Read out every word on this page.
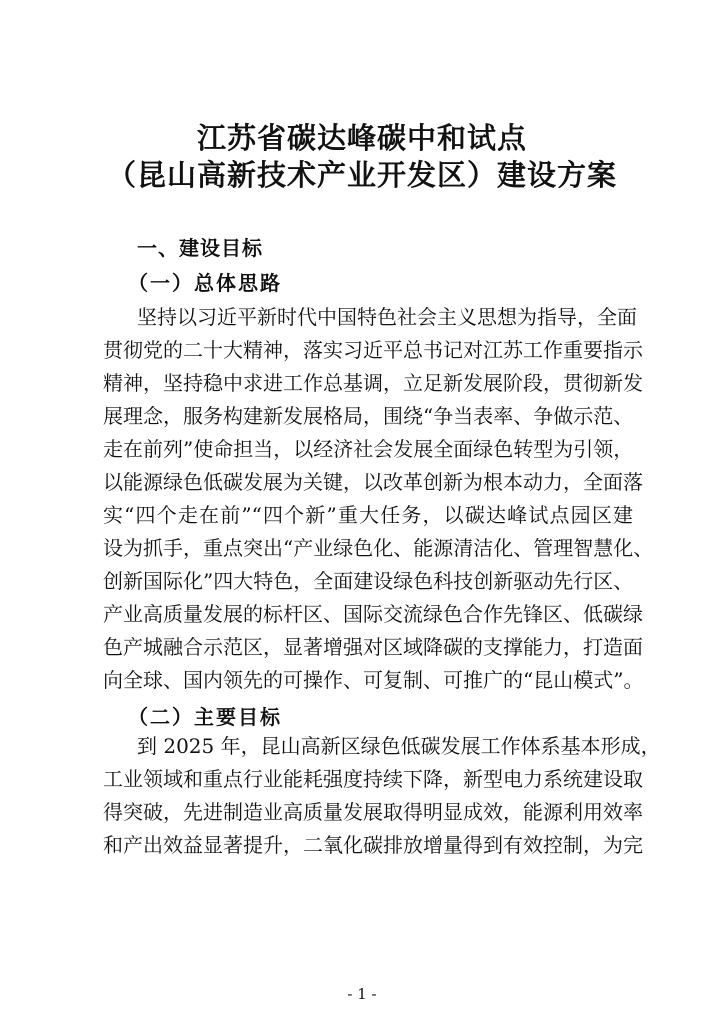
江苏省碳达峰碳中和试点
（昆山高新技术产业开发区）建设方案
一、建设目标
（一）总体思路
坚持以习近平新时代中国特色社会主义思想为指导，全面
贯彻党的二十大精神，落实习近平总书记对江苏工作重要指示
精神，坚持稳中求进工作总基调，立足新发展阶段，贯彻新发
展理念，服务构建新发展格局，围绕“争当表率、争做示范、
走在前列”使命担当，以经济社会发展全面绿色转型为引领，
以能源绿色低碳发展为关键，以改革创新为根本动力，全面落
实“四个走在前”“四个新”重大任务，以碳达峰试点园区建
设为抓手，重点突出“产业绿色化、能源清洁化、管理智慧化、
创新国际化”四大特色，全面建设绿色科技创新驱动先行区、
产业高质量发展的标杆区、国际交流绿色合作先锋区、低碳绿
色产城融合示范区，显著增强对区域降碳的支撑能力，打造面
向全球、国内领先的可操作、可复制、可推广的“昆山模式”。
（二）主要目标
到 2025 年，昆山高新区绿色低碳发展工作体系基本形成，
工业领域和重点行业能耗强度持续下降，新型电力系统建设取
得突破，先进制造业高质量发展取得明显成效，能源利用效率
和产出效益显著提升，二氧化碳排放增量得到有效控制，为完
- 1 -
